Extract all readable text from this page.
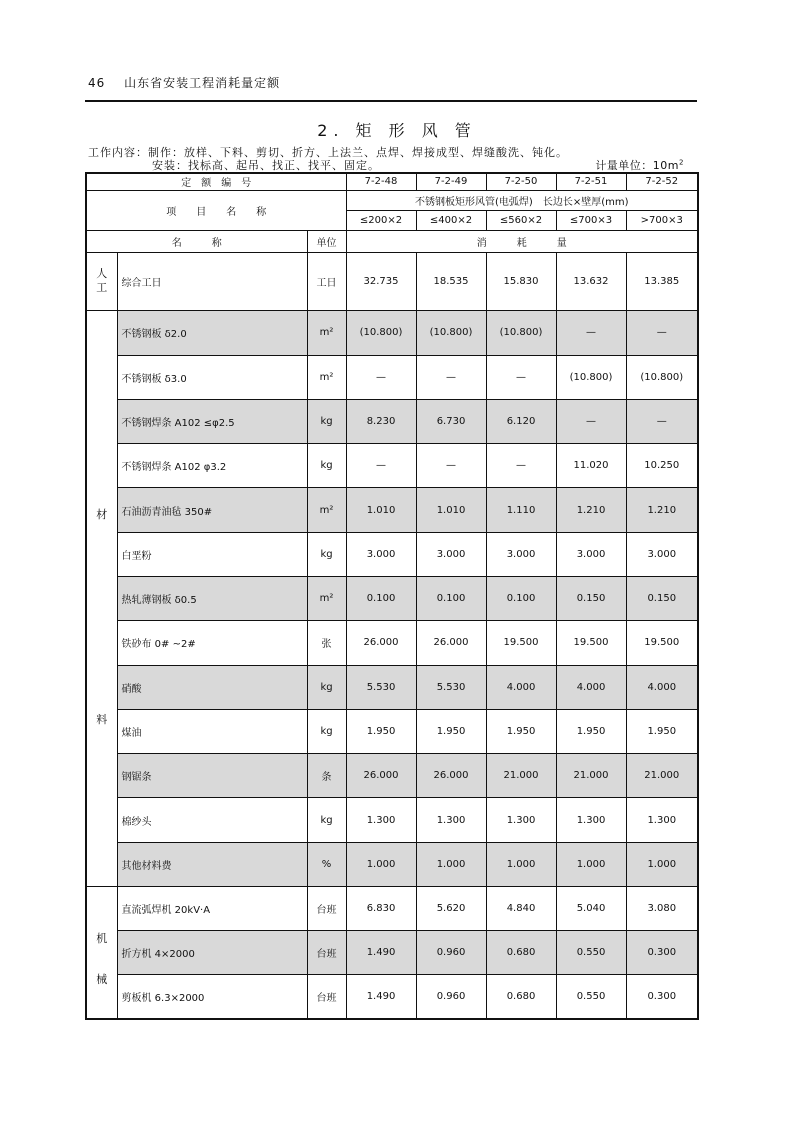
46 山东省安装工程消耗量定额
2. 矩 形 风 管
工作内容：制作：放样、下料、剪切、折方、上法兰、点焊、焊接成型、焊缝酸洗、钝化。
安装：找标高、起吊、找正、找平、固定。	计量单位：$10m^2$
定　额　编　号			7-2-48	7-2-49	7-2-50	7-2-51	7-2-52
项　　目　　名　　称			不锈钢板矩形风管(电弧焊)　长边长×壁厚(mm)				
			≤200×2	≤400×2	≤560×2	≤700×3	>700×3
名　　　称		单位	消　　　耗　　　量				
人工	综合工日	工日	32.735	18.535	15.830	13.632	13.385

材
料	不锈钢板 δ2.0	m²	(10.800)	(10.800)	(10.800)	—	—
	不锈钢板 δ3.0	m²	—	—	—	(10.800)	(10.800)
	不锈钢焊条 A102 ≤φ2.5	kg	8.230	6.730	6.120	—	—
	不锈钢焊条 A102 φ3.2	kg	—	—	—	11.020	10.250
	石油沥青油毡 350#	m²	1.010	1.010	1.110	1.210	1.210
	白垩粉	kg	3.000	3.000	3.000	3.000	3.000
	热轧薄钢板 δ0.5	m²	0.100	0.100	0.100	0.150	0.150
	铁砂布 0# ~2#	张	26.000	26.000	19.500	19.500	19.500
	硝酸	kg	5.530	5.530	4.000	4.000	4.000
	煤油	kg	1.950	1.950	1.950	1.950	1.950
	钢锯条	条	26.000	26.000	21.000	21.000	21.000
	棉纱头	kg	1.300	1.300	1.300	1.300	1.300
	其他材料费	%	1.000	1.000	1.000	1.000	1.000

机
械	直流弧焊机 20kV·A	台班	6.830	5.620	4.840	5.040	3.080
	折方机 4×2000	台班	1.490	0.960	0.680	0.550	0.300
	剪板机 6.3×2000	台班	1.490	0.960	0.680	0.550	0.300
